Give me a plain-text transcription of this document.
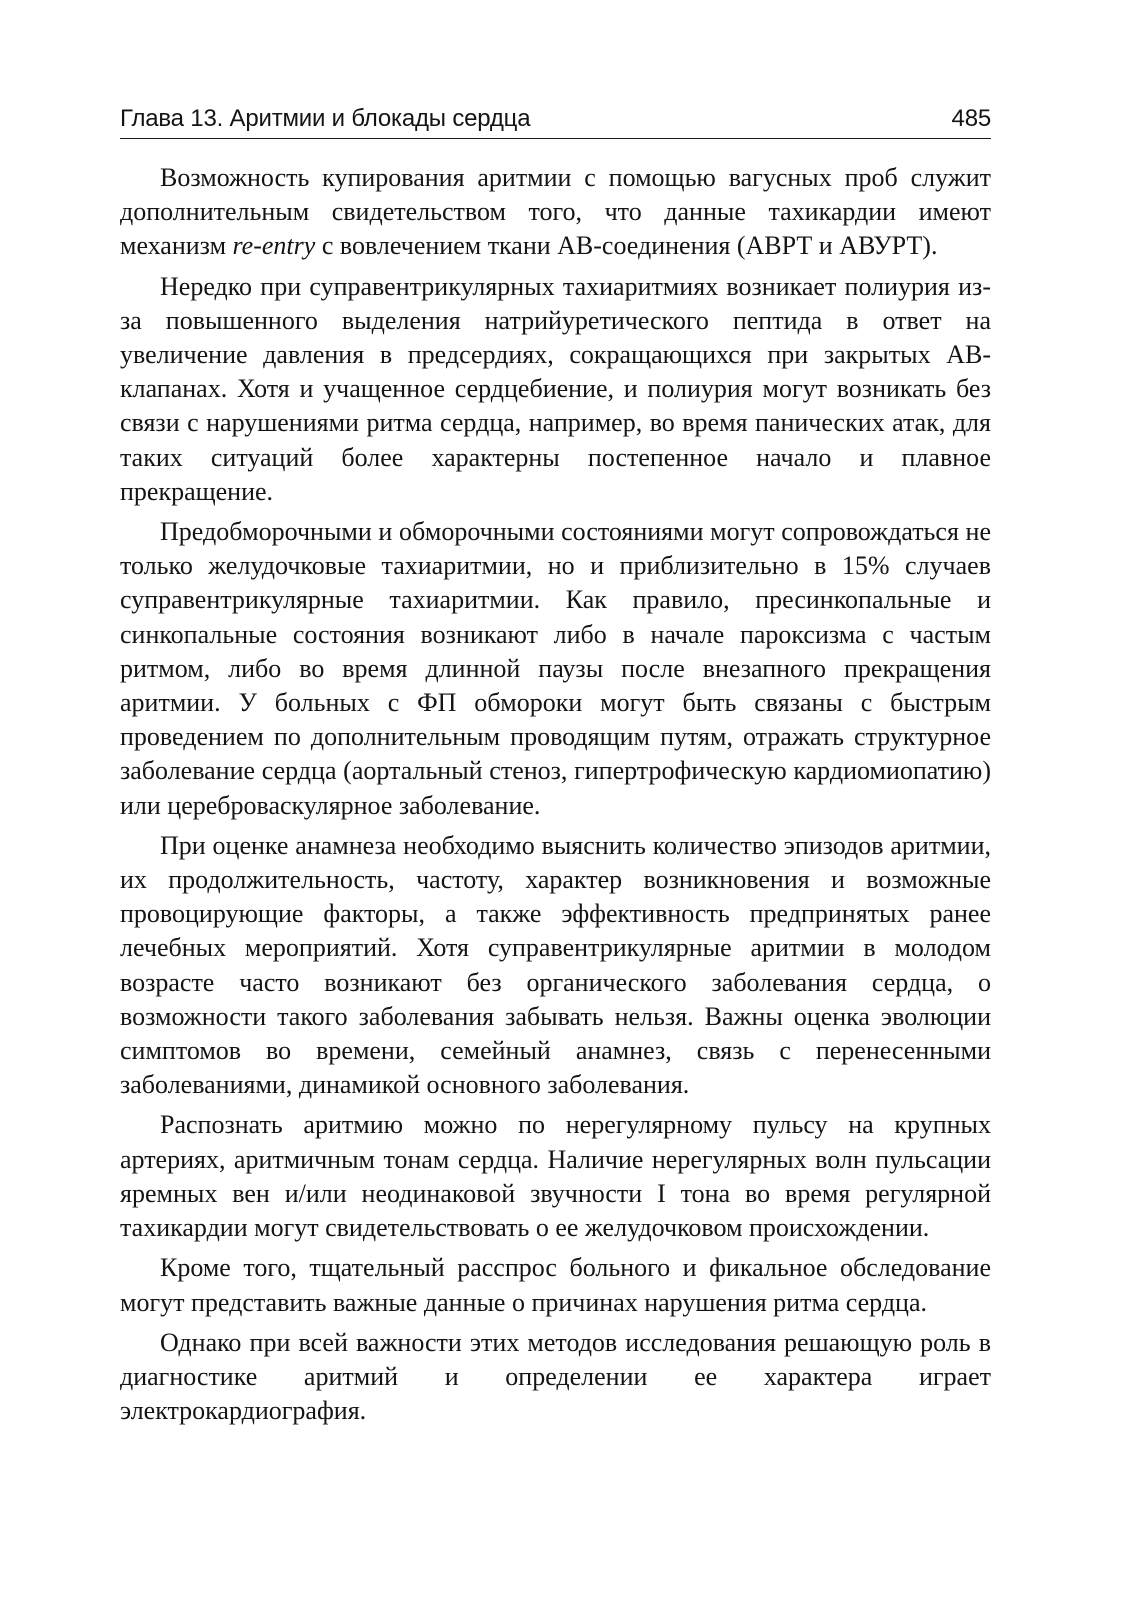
Глава 13. Аритмии и блокады сердца	485

Возможность купирования аритмии с помощью вагусных проб служит дополнительным свидетельством того, что данные тахикардии имеют механизм re-entry с вовлечением ткани АВ-соединения (АВРТ и АВУРТ).

Нередко при суправентрикулярных тахиаритмиях возникает полиурия из-за повышенного выделения натрийуретического пептида в ответ на увеличение давления в предсердиях, сокращающихся при закрытых АВ-клапанах. Хотя и учащенное сердцебиение, и полиурия могут возникать без связи с нарушениями ритма сердца, например, во время панических атак, для таких ситуаций более характерны постепенное начало и плавное прекращение.

Предобморочными и обморочными состояниями могут сопровождаться не только желудочковые тахиаритмии, но и приблизительно в 15% случаев суправентрикулярные тахиаритмии. Как правило, пресинкопальные и синкопальные состояния возникают либо в начале пароксизма с частым ритмом, либо во время длинной паузы после внезапного прекращения аритмии. У больных с ФП обмороки могут быть связаны с быстрым проведением по дополнительным проводящим путям, отражать структурное заболевание сердца (аортальный стеноз, гипертрофическую кардиомиопатию) или цереброваскулярное заболевание.

При оценке анамнеза необходимо выяснить количество эпизодов аритмии, их продолжительность, частоту, характер возникновения и возможные провоцирующие факторы, а также эффективность предпринятых ранее лечебных мероприятий. Хотя суправентрикулярные аритмии в молодом возрасте часто возникают без органического заболевания сердца, о возможности такого заболевания забывать нельзя. Важны оценка эволюции симптомов во времени, семейный анамнез, связь с перенесенными заболеваниями, динамикой основного заболевания.

Распознать аритмию можно по нерегулярному пульсу на крупных артериях, аритмичным тонам сердца. Наличие нерегулярных волн пульсации яремных вен и/или неодинаковой звучности I тона во время регулярной тахикардии могут свидетельствовать о ее желудочковом происхождении.

Кроме того, тщательный расспрос больного и фикальное обследование могут представить важные данные о причинах нарушения ритма сердца.

Однако при всей важности этих методов исследования решающую роль в диагностике аритмий и определении ее характера играет электрокардиография.
